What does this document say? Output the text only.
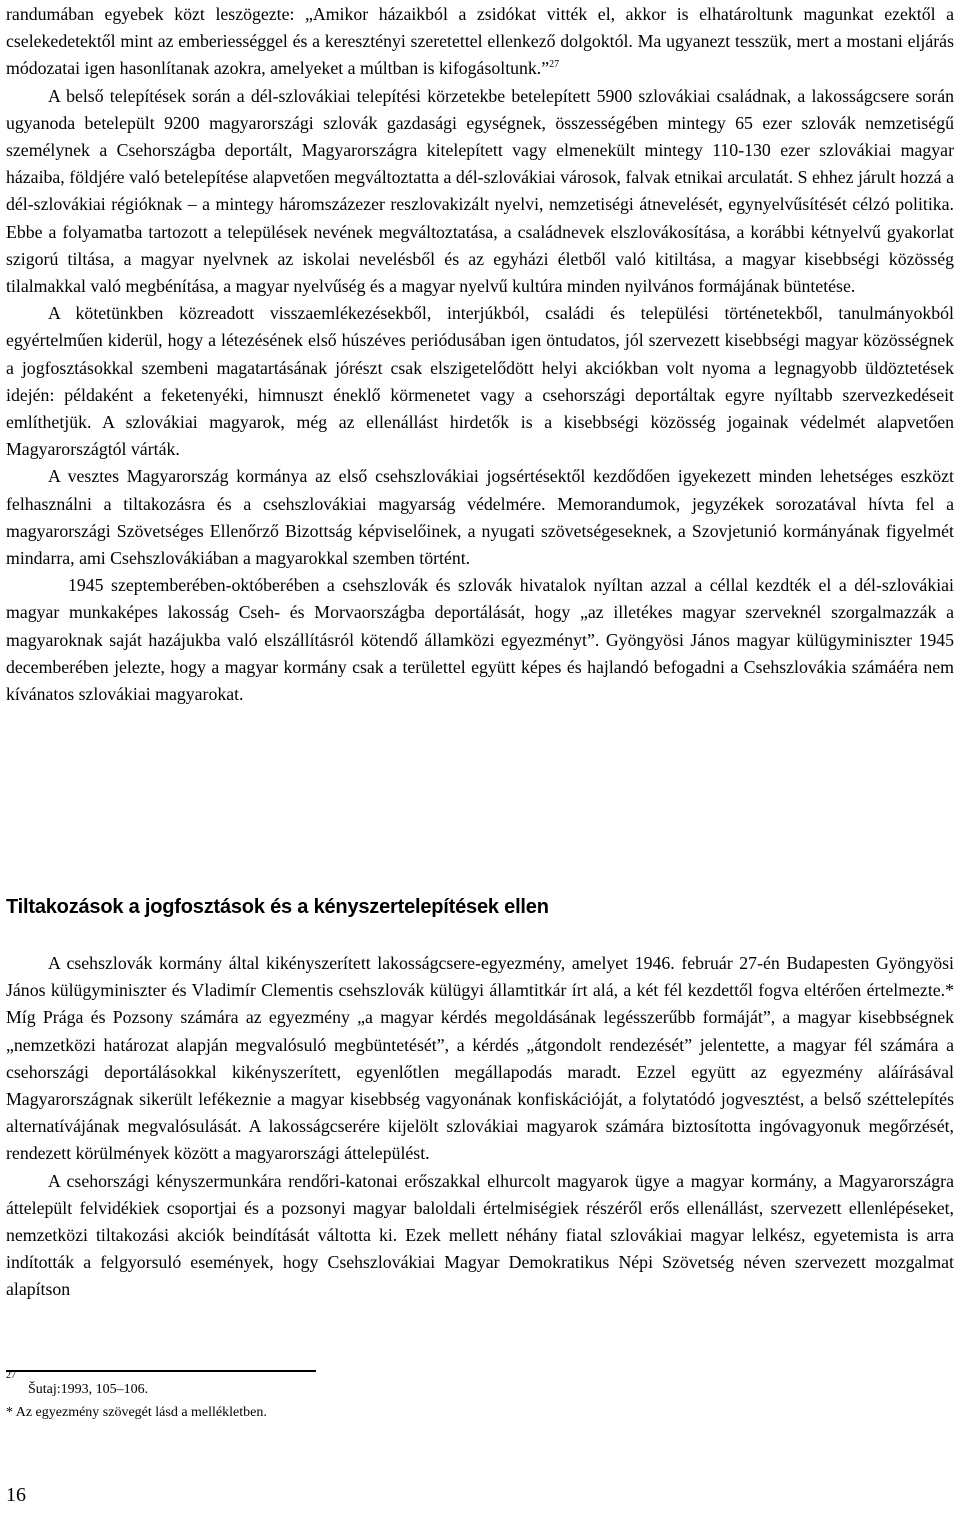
randumában egyebek közt leszögezte: „Amikor házaikból a zsidókat vitték el, akkor is elhatároltunk magunkat ezektől a cselekedetektől mint az emberiességgel és a keresztényi szeretettel ellenkező dolgoktól. Ma ugyanezt tesszük, mert a mostani eljárás módozatai igen hasonlítanak azokra, amelyeket a múltban is kifogásoltunk.”$^{27}$

A belső telepítések során a dél-szlovákiai telepítési körzetekbe betelepített 5900 szlovákiai családnak, a lakosságcsere során ugyanoda betelepült 9200 magyarországi szlovák gazdasági egységnek, összességében mintegy 65 ezer szlovák nemzetiségű személynek a Csehországba deportált, Magyarországra kitelepített vagy elmenekült mintegy 110-130 ezer szlovákiai magyar házaiba, földjére való betelepítése alapvetően megváltoztatta a dél-szlovákiai városok, falvak etnikai arculatát. S ehhez járult hozzá a dél-szlovákiai régióknak – a mintegy háromszázezer reszlovakizált nyelvi, nemzetiségi átnevelését, egynyelvűsítését célzó politika. Ebbe a folyamatba tartozott a települések nevének megváltoztatása, a családnevek elszlovákosítása, a korábbi kétnyelvű gyakorlat szigorú tiltása, a magyar nyelvnek az iskolai nevelésből és az egyházi életből való kitiltása, a magyar kisebbségi közösség tilalmakkal való megbénítása, a magyar nyelvűség és a magyar nyelvű kultúra minden nyilvános formájának büntetése.

A kötetünkben közreadott visszaemlékezésekből, interjúkból, családi és települési történetekből, tanulmányokból egyértelműen kiderül, hogy a létezésének első húszéves periódusában igen öntudatos, jól szervezett kisebbségi magyar közösségnek a jogfosztásokkal szembeni magatartásának jórészt csak elszigetelődött helyi akciókban volt nyoma a legnagyobb üldöztetések idején: példaként a feketenyéki, himnuszt éneklő körmenetet vagy a csehországi deportáltak egyre nyíltabb szervezkedéseit említhetjük. A szlovákiai magyarok, még az ellenállást hirdetők is a kisebbségi közösség jogainak védelmét alapvetően Magyarországtól várták.

A vesztes Magyarország kormánya az első csehszlovákiai jogsértésektől kezdődően igyekezett minden lehetséges eszközt felhasználni a tiltakozásra és a csehszlovákiai magyarság védelmére. Memorandumok, jegyzékek sorozatával hívta fel a magyarországi Szövetséges Ellenőrző Bizottság képviselőinek, a nyugati szövetségeseknek, a Szovjetunió kormányának figyelmét mindarra, ami Csehszlovákiában a magyarokkal szemben történt.

1945 szeptemberében-októberében a csehszlovák és szlovák hivatalok nyíltan azzal a céllal kezdték el a dél-szlovákiai magyar munkaképes lakosság Cseh- és Morvaországba deportálását, hogy „az illetékes magyar szerveknél szorgalmazzák a magyaroknak saját hazájukba való elszállításról kötendő államközi egyezményt”. Gyöngyösi János magyar külügyminiszter 1945 decemberében jelezte, hogy a magyar kormány csak a területtel együtt képes és hajlandó befogadni a Csehszlovákia számáéra nem kívánatos szlovákiai magyarokat.

Tiltakozások a jogfosztások és a kényszertelepítések ellen

A csehszlovák kormány által kikényszerített lakosságcsere-egyezmény, amelyet 1946. február 27-én Budapesten Gyöngyösi János külügyminiszter és Vladimír Clementis csehszlovák külügyi államtitkár írt alá, a két fél kezdettől fogva eltérően értelmezte.* Míg Prága és Pozsony számára az egyezmény „a magyar kérdés megoldásának legésszerűbb formáját”, a magyar kisebbségnek „nemzetközi határozat alapján megvalósuló megbüntetését”, a kérdés „átgondolt rendezését” jelentette, a magyar fél számára a csehországi deportálásokkal kikényszerített, egyenlőtlen megállapodás maradt. Ezzel együtt az egyezmény aláírásával Magyarországnak sikerült lefékeznie a magyar kisebbség vagyonának konfiskációját, a folytatódó jogvesztést, a belső széttelepítés alternatívájának megvalósulását. A lakosságcserére kijelölt szlovákiai magyarok számára biztosította ingóvagyonuk megőrzését, rendezett körülmények között a magyarországi áttelepülést.

A csehországi kényszermunkára rendőri-katonai erőszakkal elhurcolt magyarok ügye a magyar kormány, a Magyarországra áttelepült felvidékiek csoportjai és a pozsonyi magyar baloldali értelmiségiek részéről erős ellenállást, szervezett ellenlépéseket, nemzetközi tiltakozási akciók beindítását váltotta ki. Ezek mellett néhány fiatal szlovákiai magyar lelkész, egyetemista is arra indították a felgyorsuló események, hogy Csehszlovákiai Magyar Demokratikus Népi Szövetség néven szervezett mozgalmat alapítson

$^{27}$Šutaj:1993, 105–106.
* Az egyezmény szövegét lásd a mellékletben.
16
